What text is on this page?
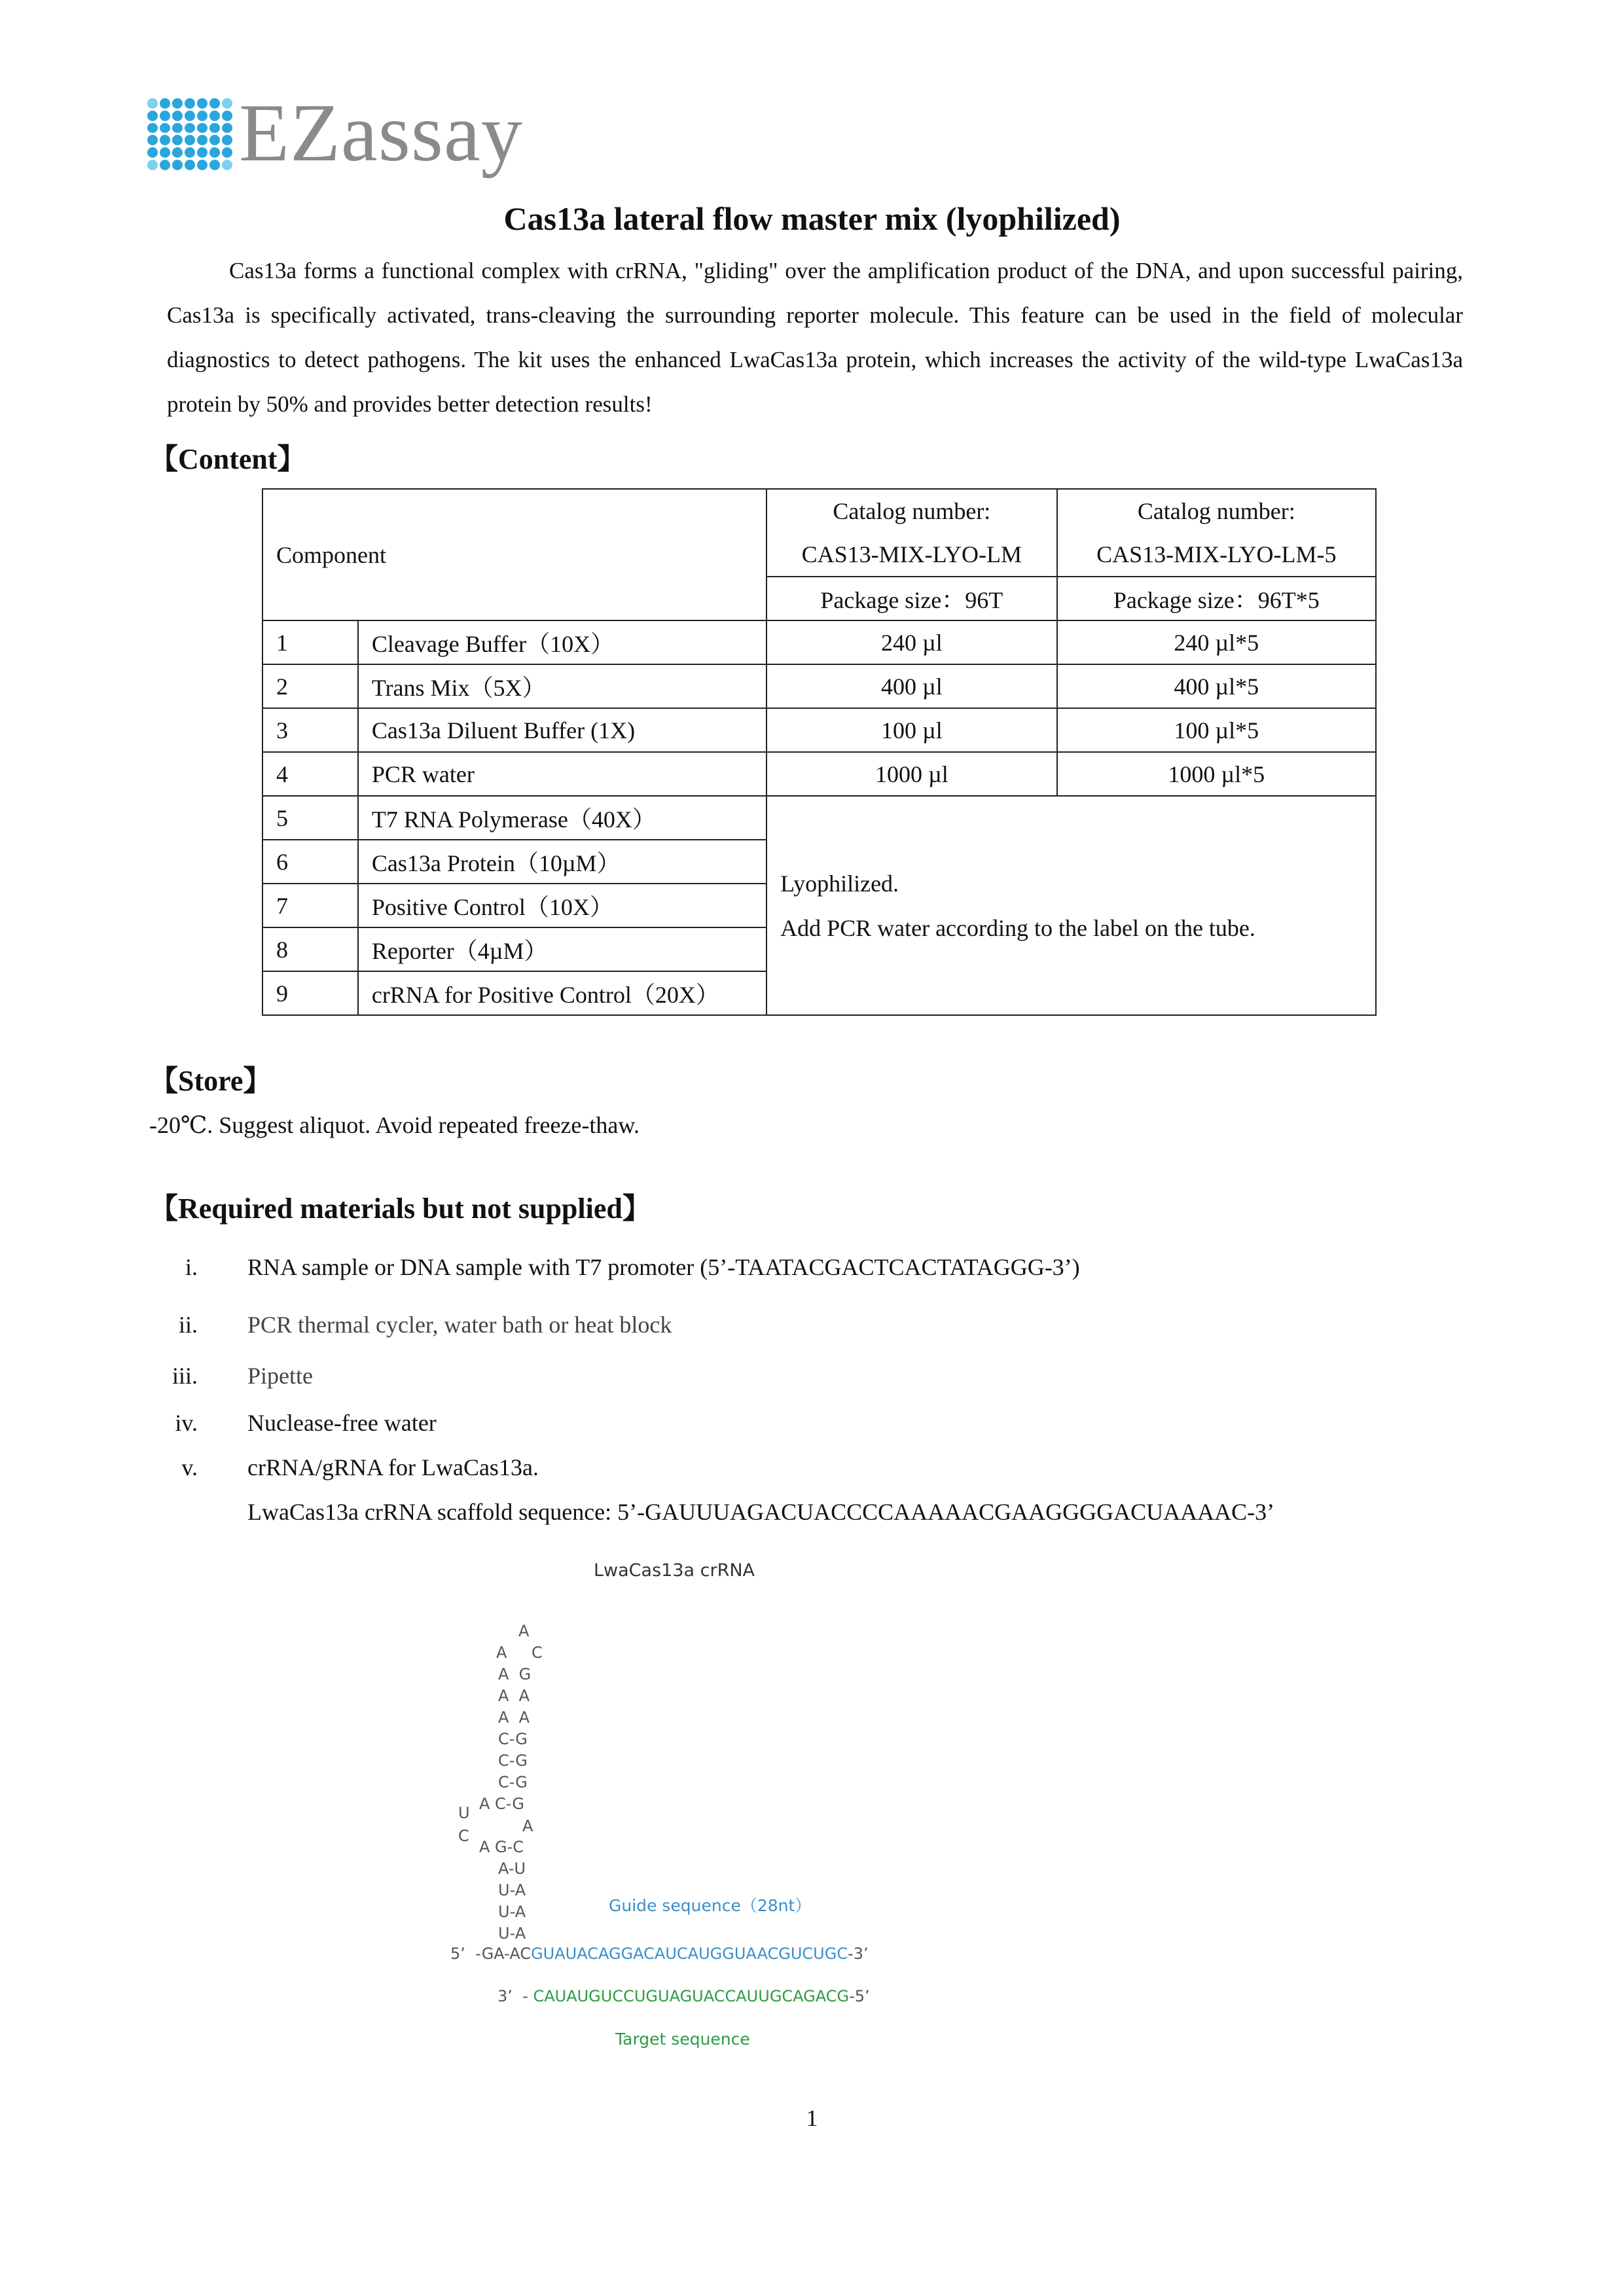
EZassay
Cas13a lateral flow master mix (lyophilized)
Cas13a forms a functional complex with crRNA, "gliding" over the amplification product of the DNA, and upon successful pairing, Cas13a is specifically activated, trans-cleaving the surrounding reporter molecule. This feature can be used in the field of molecular diagnostics to detect pathogens. The kit uses the enhanced LwaCas13a protein, which increases the activity of the wild-type LwaCas13a protein by 50% and provides better detection results!
【Content】
Component		Catalog number:	Catalog number:
		CAS13-MIX-LYO-LM	CAS13-MIX-LYO-LM-5
		Package size：96T	Package size：96T*5
1	Cleavage Buffer（10X）	240 µl	240 µl*5
2	Trans Mix（5X）	400 µl	400 µl*5
3	Cas13a Diluent Buffer (1X)	100 µl	100 µl*5
4	PCR water	1000 µl	1000 µl*5
5	T7 RNA Polymerase（40X）	Lyophilized.
Add PCR water according to the label on the tube.	

6	Cas13a Protein（10µM）		
7	Positive Control（10X）		
8	Reporter（4µM）		
9	crRNA for Positive Control（20X）		
【Store】
-20℃. Suggest aliquot. Avoid repeated freeze-thaw.
【Required materials but not supplied】
i. RNA sample or DNA sample with T7 promoter (5’-TAATACGACTCACTATAGGG-3’)
ii. PCR thermal cycler, water bath or heat block
iii. Pipette
iv. Nuclease-free water
v. crRNA/gRNA for LwaCas13a.
LwaCas13a crRNA scaffold sequence: 5’-GAUUUAGACUACCCCAAAAACGAAGGGGACUAAAAC-3’
LwaCas13a crRNA
A
A C
A  G
A  A
A  A
C-G
C-G
C-G
A C-G
U
C
A
A G-C
A-U
U-A
U-A
U-A
Guide sequence（28nt）
5’  -GA-ACGUAUACAGGACAUCAUGGUAACGUCUGC-3’
3’  - CAUAUGUCCUGUAGUACCAUUGCAGACG-5’
Target sequence
1
